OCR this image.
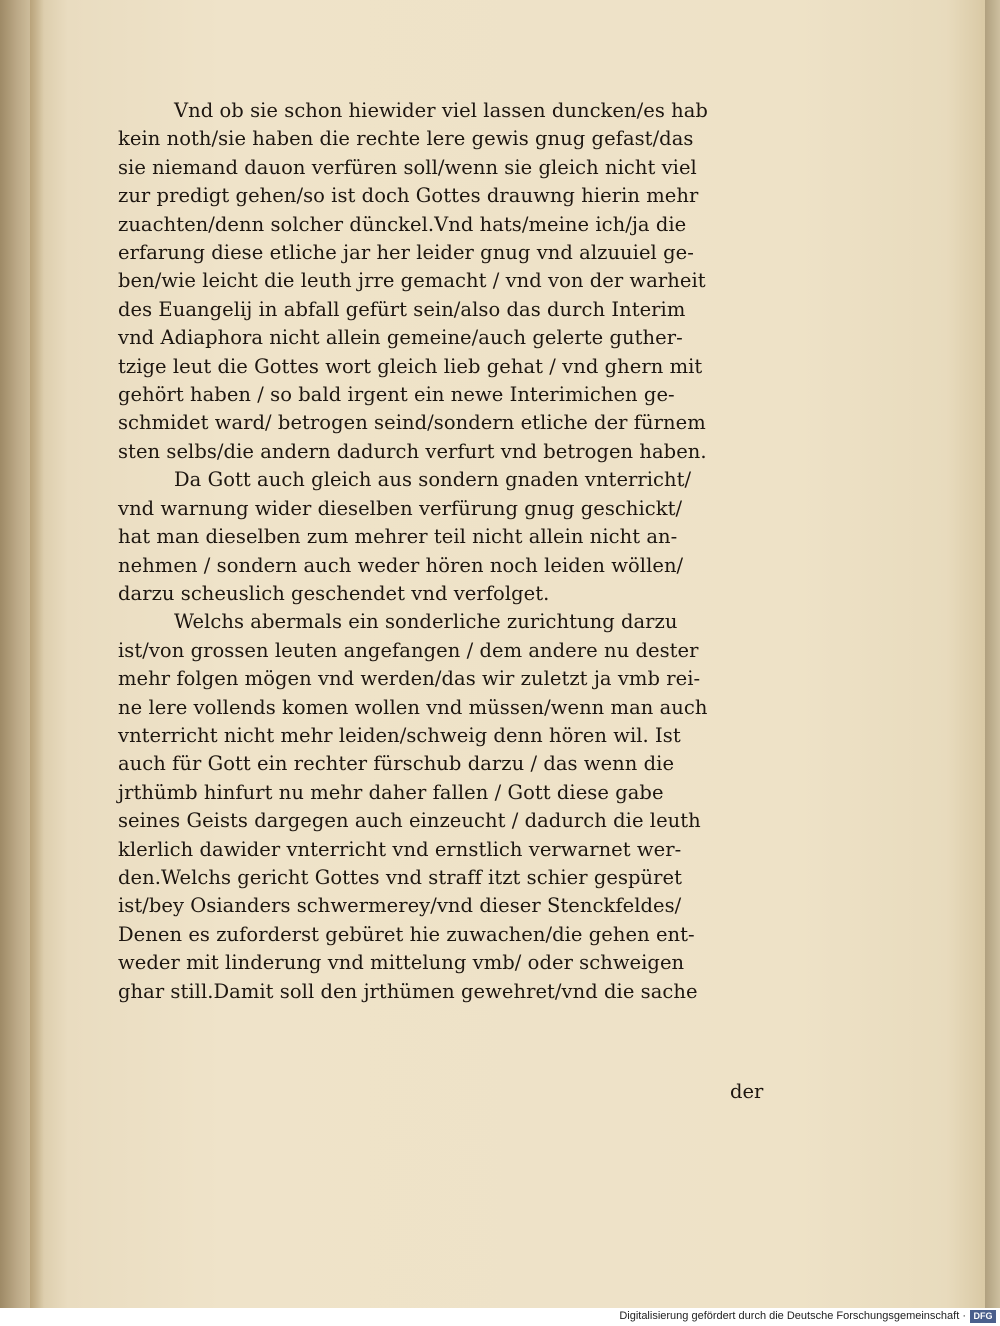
Vnd ob sie schon hiewider viel lassen duncken/es hab
kein noth/sie haben die rechte lere gewis gnug gefast/das
sie niemand dauon verfüren soll/wenn sie gleich nicht viel
zur predigt gehen/so ist doch Gottes drauwng hierin mehr
zuachten/denn solcher dünckel.Vnd hats/meine ich/ja die
erfarung diese etliche jar her leider gnug vnd alzuuiel ge-
ben/wie leicht die leuth jrre gemacht / vnd von der warheit
des Euangelij in abfall gefürt sein/also das durch Interim
vnd Adiaphora nicht allein gemeine/auch gelerte guther-
tzige leut die Gottes wort gleich lieb gehat / vnd ghern mit
gehört haben / so bald irgent ein newe Interimichen ge-
schmidet ward/ betrogen seind/sondern etliche der fürnem
sten selbs/die andern dadurch verfurt vnd betrogen haben.
Da Gott auch gleich aus sondern gnaden vnterricht/
vnd warnung wider dieselben verfürung gnug geschickt/
hat man dieselben zum mehrer teil nicht allein nicht an-
nehmen / sondern auch weder hören noch leiden wöllen/
darzu scheuslich geschendet vnd verfolget.
Welchs abermals ein sonderliche zurichtung darzu
ist/von grossen leuten angefangen / dem andere nu dester
mehr folgen mögen vnd werden/das wir zuletzt ja vmb rei-
ne lere vollends komen wollen vnd müssen/wenn man auch
vnterricht nicht mehr leiden/schweig denn hören wil. Ist
auch für Gott ein rechter fürschub darzu / das wenn die
jrthümb hinfurt nu mehr daher fallen / Gott diese gabe
seines Geists dargegen auch einzeucht / dadurch die leuth
klerlich dawider vnterricht vnd ernstlich verwarnet wer-
den.Welchs gericht Gottes vnd straff itzt schier gespüret
ist/bey Osianders schwermerey/vnd dieser Stenckfeldes/
Denen es zuforderst gebüret hie zuwachen/die gehen ent-
weder mit linderung vnd mittelung vmb/ oder schweigen
ghar still.Damit soll den jrthümen gewehret/vnd die sache
der
Digitalisierung gefördert durch die Deutsche Forschungsgemeinschaft · DFG
